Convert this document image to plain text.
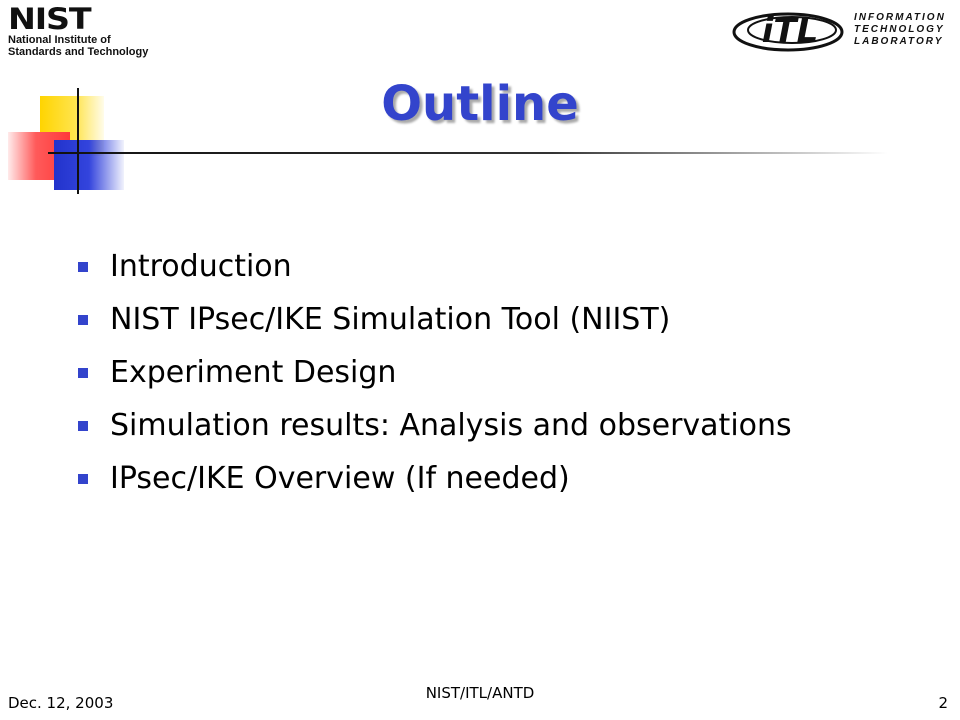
NIST
National Institute of
Standards and Technology
iTL	INFORMATION
TECHNOLOGY
LABORATORY
Outline
Introduction
NIST IPsec/IKE Simulation Tool (NIIST)
Experiment Design
Simulation results: Analysis and observations
IPsec/IKE Overview (If needed)
Dec. 12, 2003
NIST/ITL/ANTD
2
